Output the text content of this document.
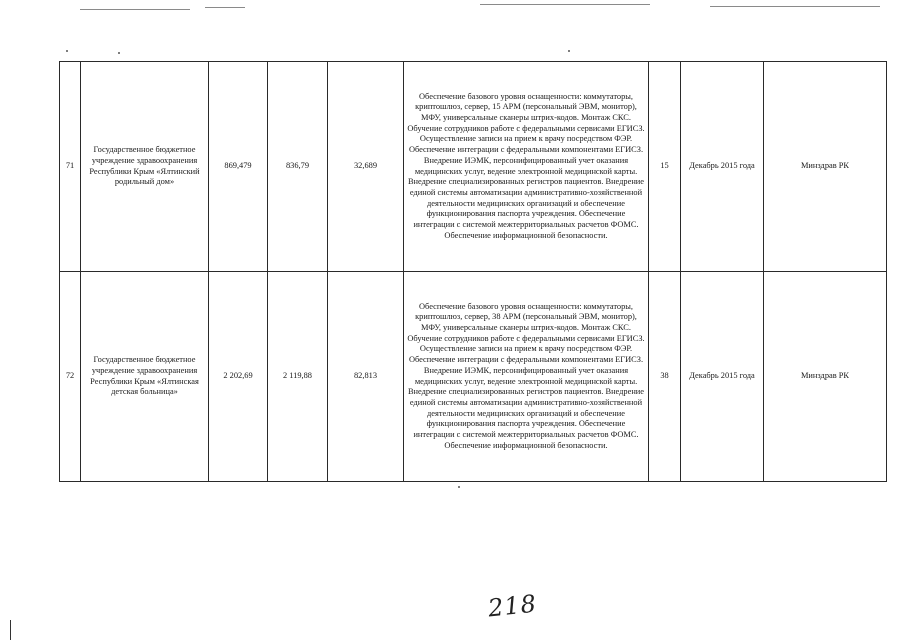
71	Государственное бюджетное учреждение здравоохранения Республики Крым «Ялтинский родильный дом»	869,479	836,79	32,689	Обеспечение базового уровня оснащенности: коммутаторы, криптошлюз, сервер, 15 АРМ (персональный ЭВМ, монитор), МФУ, универсальные сканеры штрих-кодов. Монтаж СКС. Обучение сотрудников работе с федеральными сервисами ЕГИСЗ. Осуществление записи на прием к врачу посредством ФЭР. Обеспечение интеграции с федеральными компонентами ЕГИСЗ. Внедрение ИЭМК, персонифицированный учет оказания медицинских услуг, ведение электронной медицинской карты. Внедрение специализированных регистров пациентов. Внедрение единой системы автоматизации административно-хозяйственной деятельности медицинских организаций и обеспечение функционирования паспорта учреждения. Обеспечение интеграции с системой межтерриториальных расчетов ФОМС. Обеспечение информационной безопасности.	15	Декабрь 2015 года	Минздрав РК
72	Государственное бюджетное учреждение здравоохранения Республики Крым «Ялтинская детская больница»	2 202,69	2 119,88	82,813	Обеспечение базового уровня оснащенности: коммутаторы, криптошлюз, сервер, 38 АРМ (персональный ЭВМ, монитор), МФУ, универсальные сканеры штрих-кодов. Монтаж СКС. Обучение сотрудников работе с федеральными сервисами ЕГИСЗ. Осуществление записи на прием к врачу посредством ФЭР. Обеспечение интеграции с федеральными компонентами ЕГИСЗ. Внедрение ИЭМК, персонифицированный учет оказания медицинских услуг, ведение электронной медицинской карты. Внедрение специализированных регистров пациентов. Внедрение единой системы автоматизации административно-хозяйственной деятельности медицинских организаций и обеспечение функционирования паспорта учреждения. Обеспечение интеграции с системой межтерриториальных расчетов ФОМС. Обеспечение информационной безопасности.	38	Декабрь 2015 года	Минздрав РК
218
